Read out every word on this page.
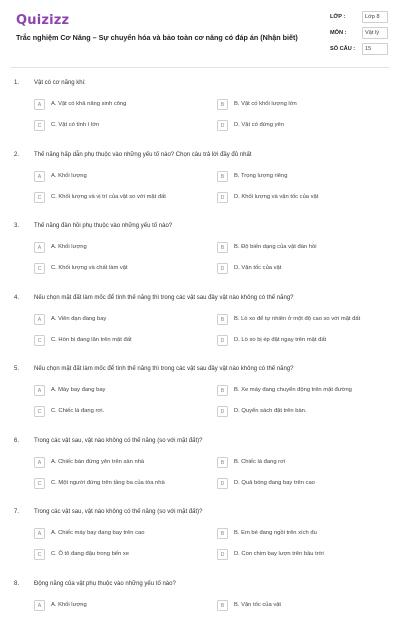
Quizizz
Trắc nghiệm Cơ Năng – Sự chuyển hóa và bảo toàn cơ năng có đáp án (Nhận biết)
LỚP :	Lớp 8
MÔN :	Vật lý
SỐ CÂU : 15
1. Vật có cơ năng khi:
A	A. Vật có khả năng sinh công	B	B. Vật có khối lượng lớn
C	C. Vật có tính ì lớn	D	D. Vật có đứng yên
2. Thế năng hấp dẫn phụ thuộc vào những yếu tố nào? Chọn câu trả lời đầy đủ nhất
A	A. Khối lượng	B	B. Trọng lượng riêng
C	C. Khối lượng và vị trí của vật so với mặt đất	D	D. Khối lượng và vận tốc của vật
3. Thế năng đàn hồi phụ thuộc vào những yếu tố nào?
A	A. Khối lượng	B	B. Độ biến dạng của vật đàn hồi
C	C. Khối lượng và chất làm vật	D	D. Vận tốc của vật
4. Nếu chọn mặt đất làm mốc để tính thế năng thì trong các vật sau đây vật nào không có thế năng?
A	A. Viên đạn đang bay	B	B. Lò xo để tự nhiên ở một độ cao so với mặt đất
C	C. Hòn bi đang lăn trên mặt đất	D	D. Lò xo bị ép đặt ngay trên mặt đất
5. Nếu chọn mặt đất làm mốc để tính thế năng thì trong các vật sau đây vật nào không có thế năng?
A	A. Máy bay đang bay	B	B. Xe máy đang chuyển động trên mặt đường
C	C. Chiếc lá đang rơi.	D	D. Quyển sách đặt trên bàn.
6. Trong các vật sau, vật nào không có thế năng (so với mặt đất)?
A	A. Chiếc bàn đứng yên trên sàn nhà	B	B. Chiếc lá đang rơi
C	C. Một người đứng trên tầng ba của tòa nhà	D	D. Quả bóng đang bay trên cao
7. Trong các vật sau, vật nào không có thế năng (so với mặt đất)?
A	A. Chiếc máy bay đang bay trên cao	B	B. Em bé đang ngồi trên xích đu
C	C. Ô tô đang đậu trong bến xe	D	D. Con chim bay lượn trên bầu trời
8. Động năng của vật phụ thuộc vào những yếu tố nào?
A	A. Khối lượng	B	B. Vận tốc của vật
